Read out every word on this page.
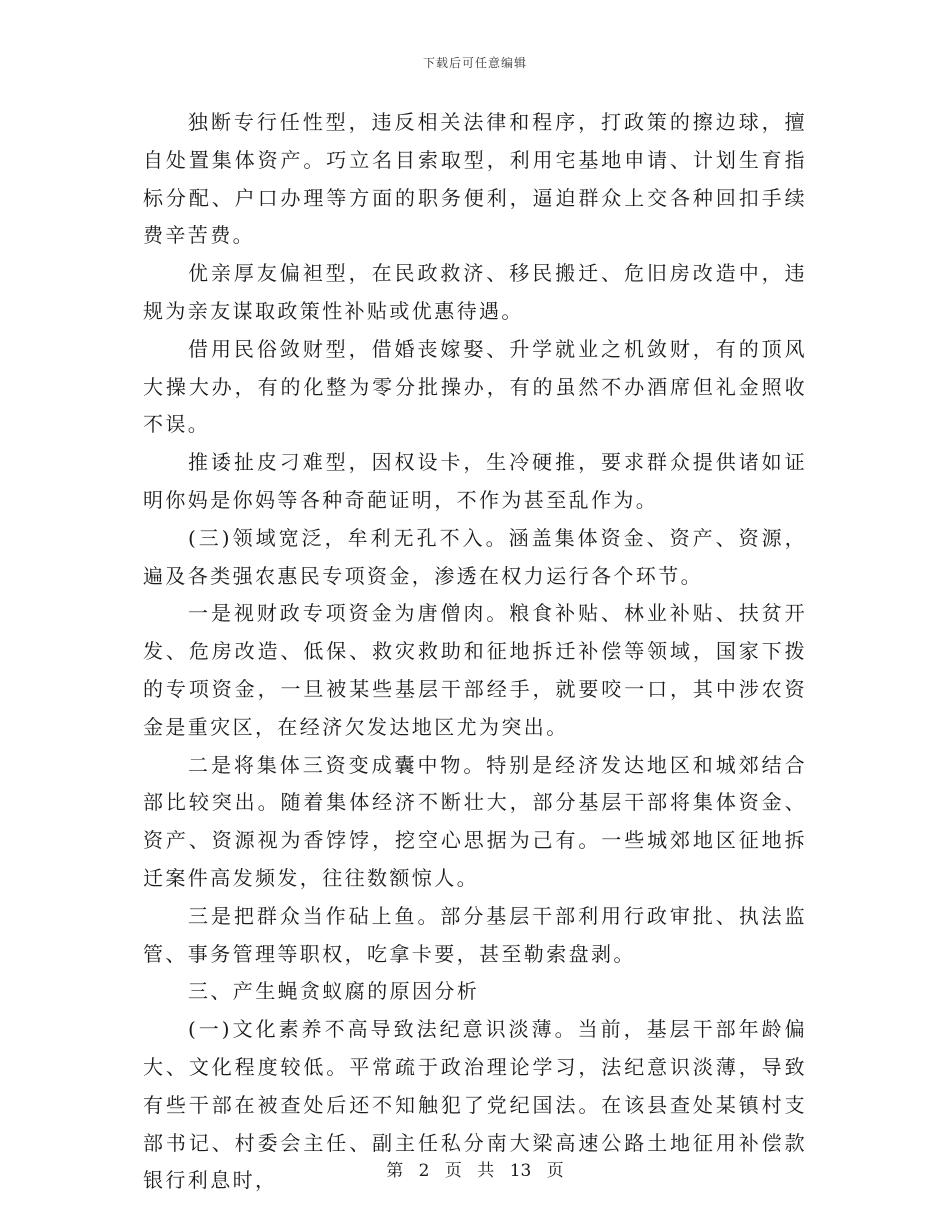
下载后可任意编辑

独断专行任性型，违反相关法律和程序，打政策的擦边球，擅自处置集体资产。巧立名目索取型，利用宅基地申请、计划生育指标分配、户口办理等方面的职务便利，逼迫群众上交各种回扣手续费辛苦费。

优亲厚友偏袒型，在民政救济、移民搬迁、危旧房改造中，违规为亲友谋取政策性补贴或优惠待遇。

借用民俗敛财型，借婚丧嫁娶、升学就业之机敛财，有的顶风大操大办，有的化整为零分批操办，有的虽然不办酒席但礼金照收不误。

推诿扯皮刁难型，因权设卡，生冷硬推，要求群众提供诸如证明你妈是你妈等各种奇葩证明，不作为甚至乱作为。

(三)领域宽泛，牟利无孔不入。涵盖集体资金、资产、资源，遍及各类强农惠民专项资金，渗透在权力运行各个环节。

一是视财政专项资金为唐僧肉。粮食补贴、林业补贴、扶贫开发、危房改造、低保、救灾救助和征地拆迁补偿等领域，国家下拨的专项资金，一旦被某些基层干部经手，就要咬一口，其中涉农资金是重灾区，在经济欠发达地区尤为突出。

二是将集体三资变成囊中物。特别是经济发达地区和城郊结合部比较突出。随着集体经济不断壮大，部分基层干部将集体资金、资产、资源视为香饽饽，挖空心思据为己有。一些城郊地区征地拆迁案件高发频发，往往数额惊人。

三是把群众当作砧上鱼。部分基层干部利用行政审批、执法监管、事务管理等职权，吃拿卡要，甚至勒索盘剥。

三、产生蝇贪蚁腐的原因分析

(一)文化素养不高导致法纪意识淡薄。当前，基层干部年龄偏大、文化程度较低。平常疏于政治理论学习，法纪意识淡薄，导致有些干部在被查处后还不知触犯了党纪国法。在该县查处某镇村支部书记、村委会主任、副主任私分南大梁高速公路土地征用补偿款银行利息时，	第 2 页 共 13 页
